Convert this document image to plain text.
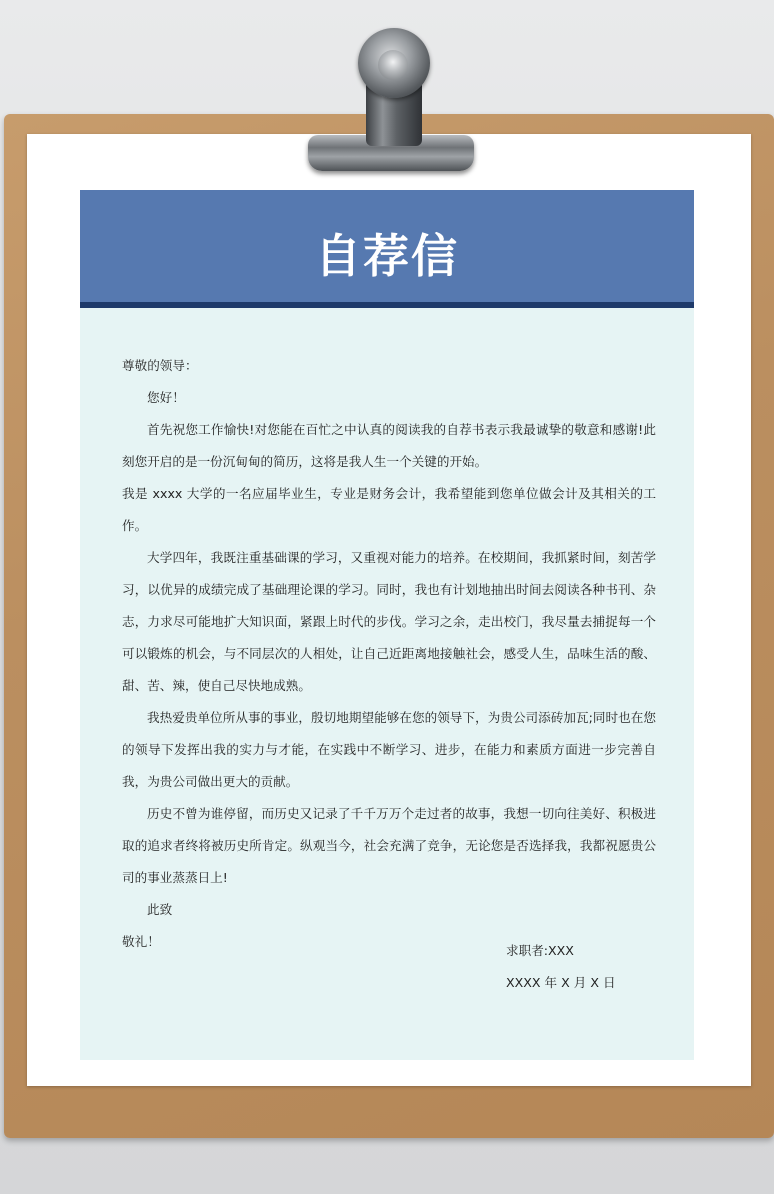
自荐信

尊敬的领导：

您好！

首先祝您工作愉快!对您能在百忙之中认真的阅读我的自荐书表示我最诚挚的敬意和感谢!此刻您开启的是一份沉甸甸的简历，这将是我人生一个关键的开始。

我是 xxxx 大学的一名应届毕业生，专业是财务会计，我希望能到您单位做会计及其相关的工作。

大学四年，我既注重基础课的学习，又重视对能力的培养。在校期间，我抓紧时间，刻苦学习，以优异的成绩完成了基础理论课的学习。同时，我也有计划地抽出时间去阅读各种书刊、杂志，力求尽可能地扩大知识面，紧跟上时代的步伐。学习之余，走出校门，我尽量去捕捉每一个可以锻炼的机会，与不同层次的人相处，让自己近距离地接触社会，感受人生，品味生活的酸、甜、苦、辣，使自己尽快地成熟。

我热爱贵单位所从事的事业，殷切地期望能够在您的领导下，为贵公司添砖加瓦;同时也在您的领导下发挥出我的实力与才能，在实践中不断学习、进步，在能力和素质方面进一步完善自我，为贵公司做出更大的贡献。

历史不曾为谁停留，而历史又记录了千千万万个走过者的故事，我想一切向往美好、积极进取的追求者终将被历史所肯定。纵观当今，社会充满了竞争，无论您是否选择我，我都祝愿贵公司的事业蒸蒸日上!

此致

敬礼！

求职者:XXX

XXXX 年 X 月 X 日
